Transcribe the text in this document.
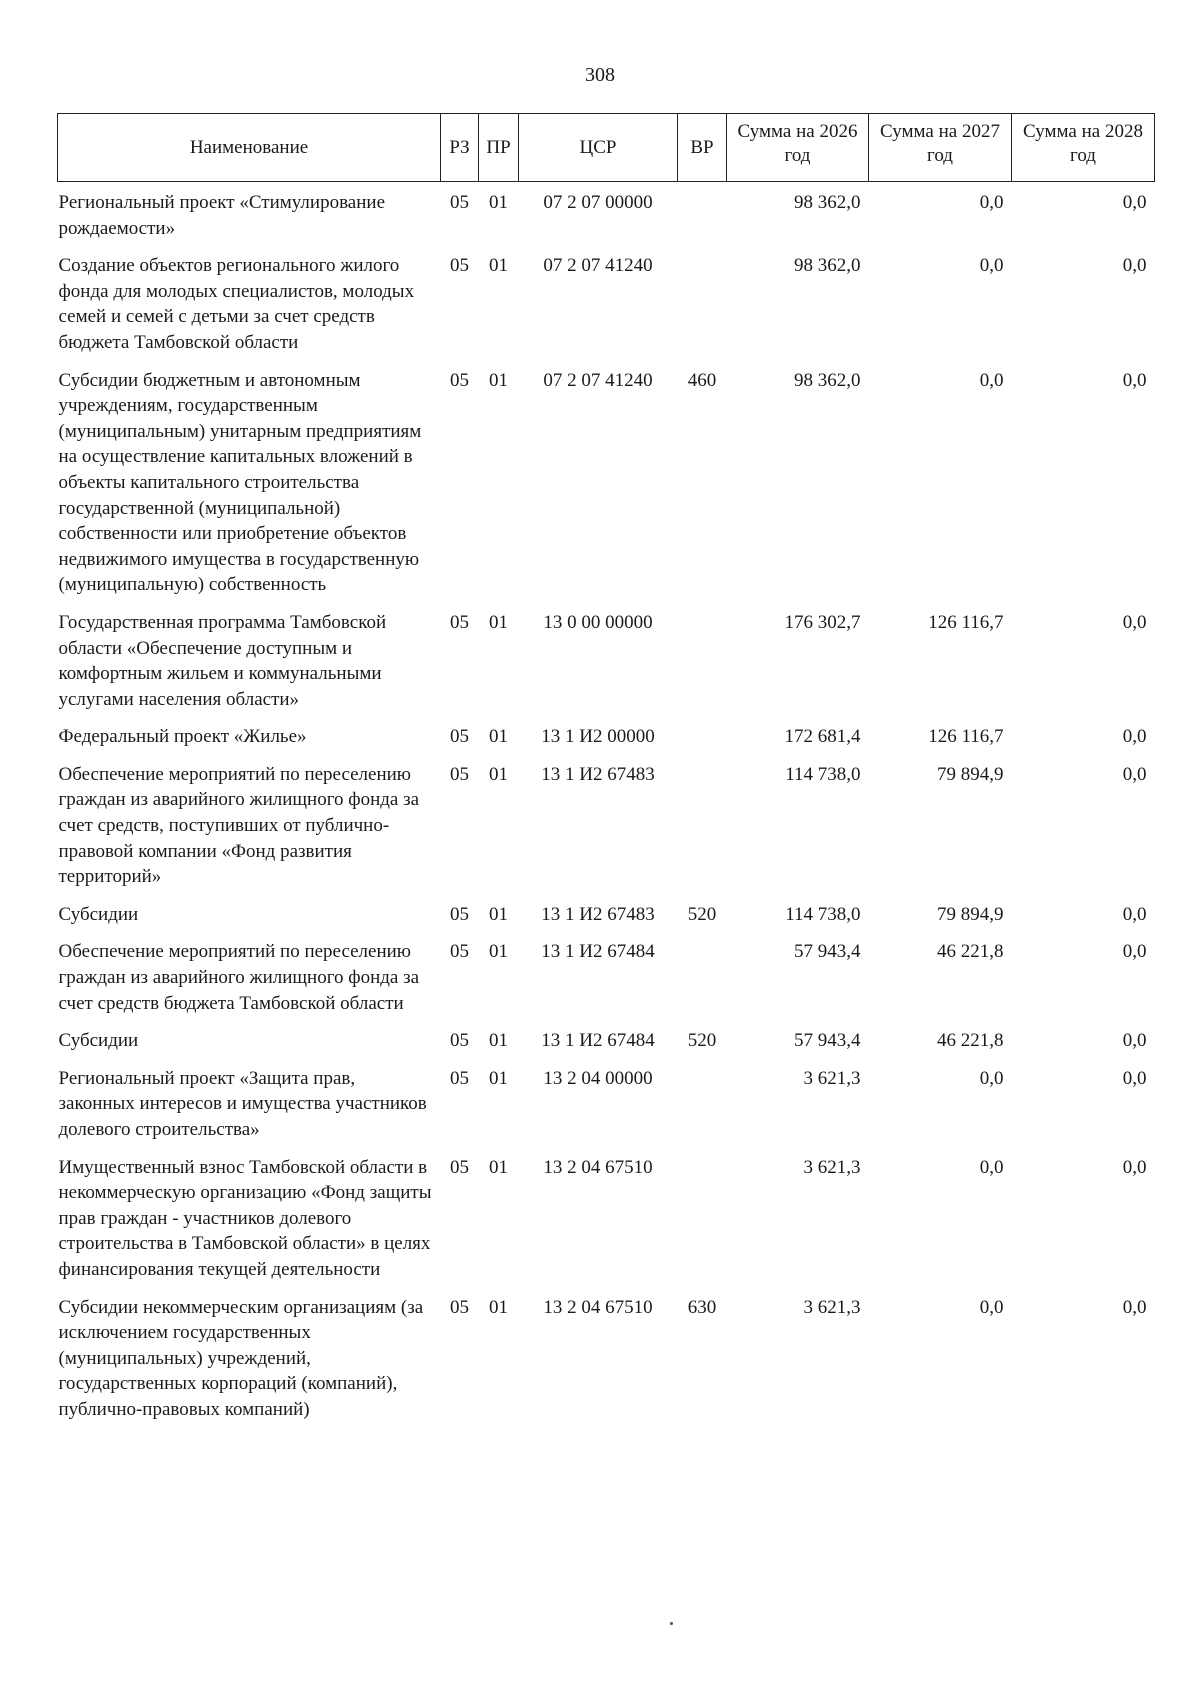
308
Наименование	РЗ	ПР	ЦСР	ВР	Сумма на 2026 год	Сумма на 2027 год	Сумма на 2028 год
Региональный проект «Стимулирование рождаемости»	05	01	07 2 07 00000		98 362,0	0,0	0,0
Создание объектов регионального жилого фонда для молодых специалистов, молодых семей и семей с детьми за счет средств бюджета Тамбовской области	05	01	07 2 07 41240		98 362,0	0,0	0,0
Субсидии бюджетным и автономным учреждениям, государственным (муниципальным) унитарным предприятиям на осуществление капитальных вложений в объекты капитального строительства государственной (муниципальной) собственности или приобретение объектов недвижимого имущества в государственную (муниципальную) собственность	05	01	07 2 07 41240	460	98 362,0	0,0	0,0
Государственная программа Тамбовской области «Обеспечение доступным и комфортным жильем и коммунальными услугами населения области»	05	01	13 0 00 00000		176 302,7	126 116,7	0,0
Федеральный проект «Жилье»	05	01	13 1 И2 00000		172 681,4	126 116,7	0,0
Обеспечение мероприятий по переселению граждан из аварийного жилищного фонда за счет средств, поступивших от публично-правовой компании «Фонд развития территорий»	05	01	13 1 И2 67483		114 738,0	79 894,9	0,0
Субсидии	05	01	13 1 И2 67483	520	114 738,0	79 894,9	0,0
Обеспечение мероприятий по переселению граждан из аварийного жилищного фонда за счет средств бюджета Тамбовской области	05	01	13 1 И2 67484		57 943,4	46 221,8	0,0
Субсидии	05	01	13 1 И2 67484	520	57 943,4	46 221,8	0,0
Региональный проект «Защита прав, законных интересов и имущества участников долевого строительства»	05	01	13 2 04 00000		3 621,3	0,0	0,0
Имущественный взнос Тамбовской области в некоммерческую организацию «Фонд защиты прав граждан - участников долевого строительства в Тамбовской области» в целях финансирования текущей деятельности	05	01	13 2 04 67510		3 621,3	0,0	0,0
Субсидии некоммерческим организациям (за исключением государственных (муниципальных) учреждений, государственных корпораций (компаний), публично-правовых компаний)	05	01	13 2 04 67510	630	3 621,3	0,0	0,0
